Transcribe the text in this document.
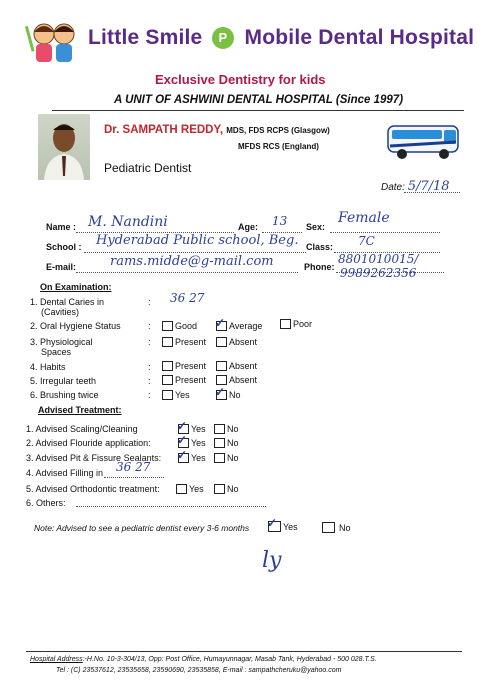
Little Smile P Mobile Dental Hospital
Exclusive Dentistry for kids
A UNIT OF ASHWINI DENTAL HOSPITAL (Since 1997)
Dr. SAMPATH REDDY, MDS, FDS RCPS (Glasgow)
MFDS RCS (England)
Pediatric Dentist
Date: 5/7/18
Name : M. Nandini	Age: 13 Sex:
Female
School : Hyderabad Public school, Beg. Class: 7C
E-mail:	rams.midde@g-mail.com	Phone:
8801010015/
9989262356
On Examination:
1. Dental Caries in
(Cavities)
: 36 27
2. Oral Hygiene Status	:	Good ✓ Average	Poor
3. Physiological
Spaces
:	Present	Absent
4. Habits	:	Present	Absent
5. Irregular teeth	:	Present	Absent
6. Brushing twice	:	Yes ✓ No
Advised Treatment:
1. Advised Scaling/Cleaning	✓ Yes	No
2. Advised Flouride application: ✓ Yes	No
3. Advised Pit & Fissure Sealants: ✓ Yes	No
4. Advised Filling in 36 27
5. Advised Orthodontic treatment:	Yes	No
6. Others:
Note: Advised to see a pediatric dentist every 3-6 months ✓ Yes	No
ly
Hospital Address:-H.No. 10-3-304/13, Opp: Post Office, Humayunnagar, Masab Tank, Hyderabad - 500 028.T.S.
Tel : (C) 23537612, 23535658, 23590690, 23535858, E-mail : sampathcheruku@yahoo.com
